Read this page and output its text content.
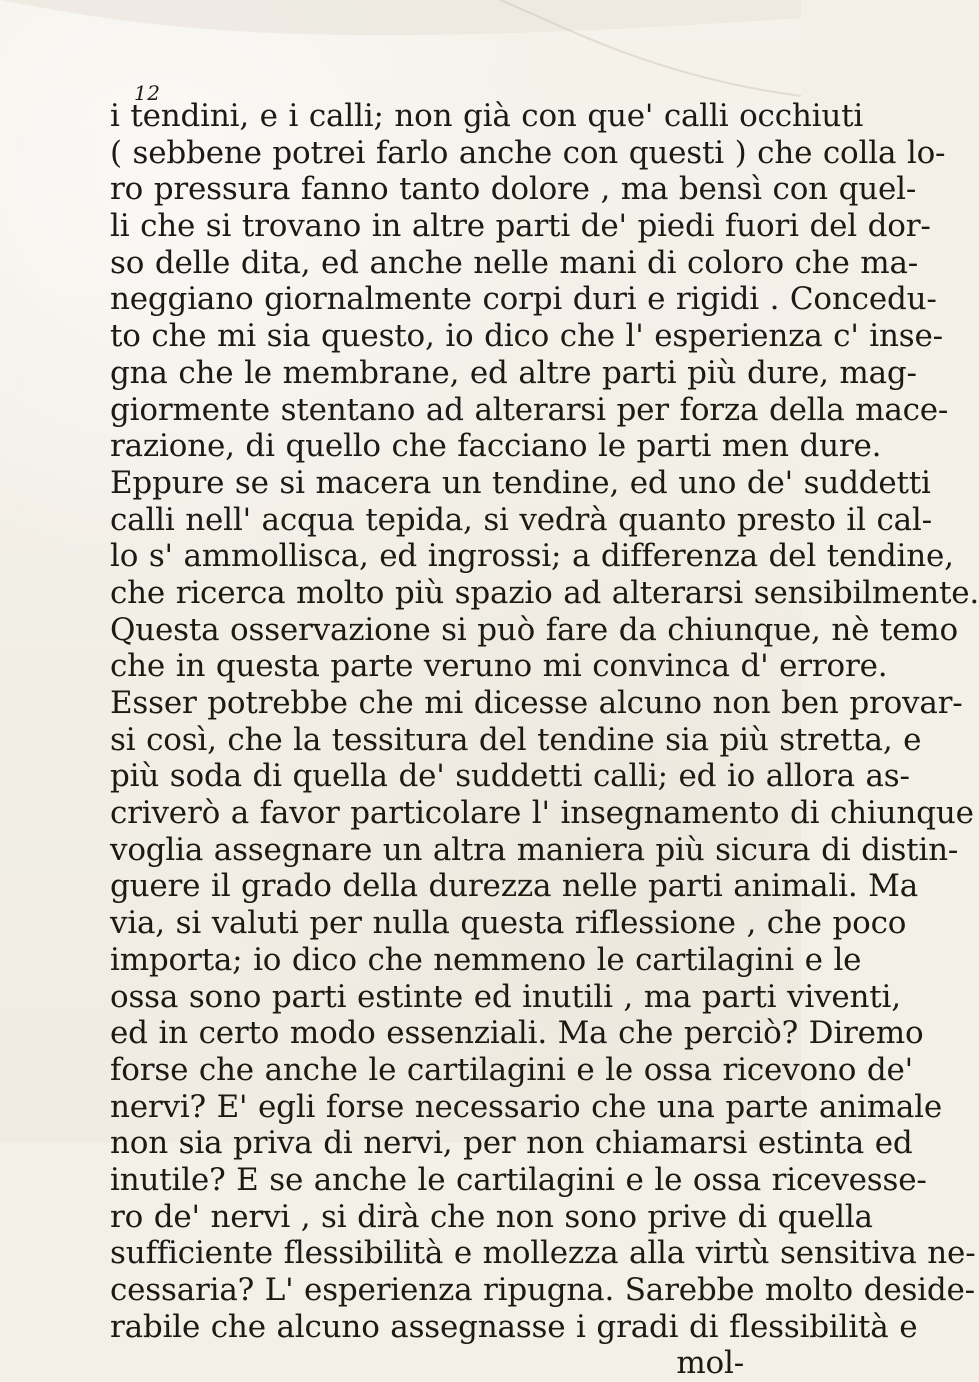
12
i tendini, e i calli; non già con que' calli occhiuti
( sebbene potrei farlo anche con questi ) che colla lo-
ro pressura fanno tanto dolore , ma bensì con quel-
li che si trovano in altre parti de' piedi fuori del dor-
so delle dita, ed anche nelle mani di coloro che ma-
neggiano giornalmente corpi duri e rigidi . Concedu-
to che mi sia questo, io dico che l' esperienza c' inse-
gna che le membrane, ed altre parti più dure, mag-
giormente stentano ad alterarsi per forza della mace-
razione, di quello che facciano le parti men dure.
Eppure se si macera un tendine, ed uno de' suddetti
calli nell' acqua tepida, si vedrà quanto presto il cal-
lo s' ammollisca, ed ingrossi; a differenza del tendine,
che ricerca molto più spazio ad alterarsi sensibilmente.
Questa osservazione si può fare da chiunque, nè temo
che in questa parte veruno mi convinca d' errore.
Esser potrebbe che mi dicesse alcuno non ben provar-
si così, che la tessitura del tendine sia più stretta, e
più soda di quella de' suddetti calli; ed io allora as-
criverò a favor particolare l' insegnamento di chiunque
voglia assegnare un altra maniera più sicura di distin-
guere il grado della durezza nelle parti animali. Ma
via, si valuti per nulla questa riflessione , che poco
importa; io dico che nemmeno le cartilagini e le
ossa sono parti estinte ed inutili , ma parti viventi,
ed in certo modo essenziali. Ma che perciò? Diremo
forse che anche le cartilagini e le ossa ricevono de'
nervi? E' egli forse necessario che una parte animale
non sia priva di nervi, per non chiamarsi estinta ed
inutile? E se anche le cartilagini e le ossa ricevesse-
ro de' nervi , si dirà che non sono prive di quella
sufficiente flessibilità e mollezza alla virtù sensitiva ne-
cessaria? L' esperienza ripugna. Sarebbe molto deside-
rabile che alcuno assegnasse i gradi di flessibilità e
mol-
